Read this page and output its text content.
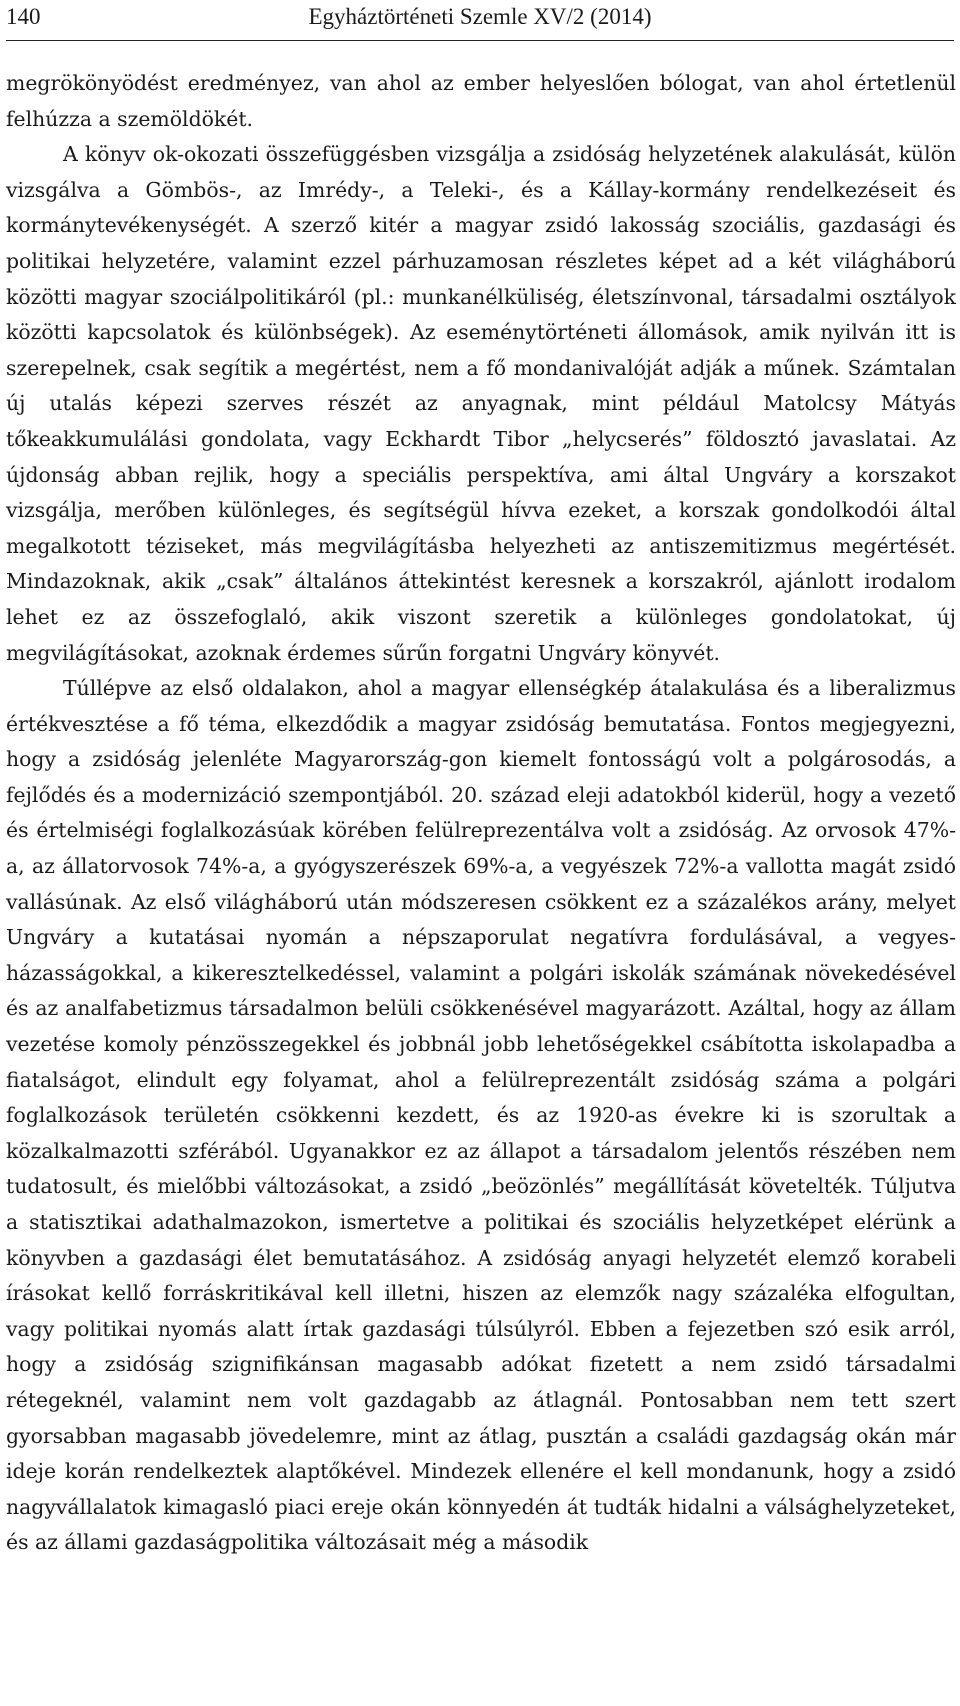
140	Egyháztörténeti Szemle XV/2 (2014)

megrökönyödést eredményez, van ahol az ember helyeslően bólogat, van ahol értetlenül felhúzza a szemöldökét.

A könyv ok-okozati összefüggésben vizsgálja a zsidóság helyzetének alakulását, külön vizsgálva a Gömbös-, az Imrédy-, a Teleki-, és a Kállay-kormány rendelkezéseit és kormánytevékenységét. A szerző kitér a magyar zsidó lakosság szociális, gazdasági és politikai helyzetére, valamint ezzel párhuzamosan részletes képet ad a két világháború közötti magyar szociálpolitikáról (pl.: munkanélküliség, életszínvonal, társadalmi osztályok közötti kapcsolatok és különbségek). Az eseménytörténeti állomások, amik nyilván itt is szerepelnek, csak segítik a megértést, nem a fő mondanivalóját adják a műnek. Számtalan új utalás képezi szerves részét az anyagnak, mint például Matolcsy Mátyás tőkeakkumulálási gondolata, vagy Eckhardt Tibor „helycserés” földosztó javaslatai. Az újdonság abban rejlik, hogy a speciális perspektíva, ami által Ungváry a korszakot vizsgálja, merőben különleges, és segítségül hívva ezeket, a korszak gondolkodói által megalkotott téziseket, más megvilágításba helyezheti az antiszemitizmus megértését. Mindazoknak, akik „csak” általános áttekintést keresnek a korszakról, ajánlott irodalom lehet ez az összefoglaló, akik viszont szeretik a különleges gondolatokat, új megvilágításokat, azoknak érdemes sűrűn forgatni Ungváry könyvét.

Túllépve az első oldalakon, ahol a magyar ellenségkép átalakulása és a liberalizmus értékvesztése a fő téma, elkezdődik a magyar zsidóság bemutatása. Fontos megjegyezni, hogy a zsidóság jelenléte Magyarország-gon kiemelt fontosságú volt a polgárosodás, a fejlődés és a modernizáció szempontjából. 20. század eleji adatokból kiderül, hogy a vezető és értelmiségi foglalkozásúak körében felülreprezentálva volt a zsidóság. Az orvosok 47%-a, az állatorvosok 74%-a, a gyógyszerészek 69%-a, a vegyészek 72%-a vallotta magát zsidó vallásúnak. Az első világháború után módszeresen csökkent ez a százalékos arány, melyet Ungváry a kutatásai nyomán a népszaporulat negatívra fordulásával, a vegyes-házasságokkal, a kikeresztelkedéssel, valamint a polgári iskolák számának növekedésével és az analfabetizmus társadalmon belüli csökkenésével magyarázott. Azáltal, hogy az állam vezetése komoly pénzösszegekkel és jobbnál jobb lehetőségekkel csábította iskolapadba a fiatalságot, elindult egy folyamat, ahol a felülreprezentált zsidóság száma a polgári foglalkozások területén csökkenni kezdett, és az 1920-as évekre ki is szorultak a közalkalmazotti szférából. Ugyanakkor ez az állapot a társadalom jelentős részében nem tudatosult, és mielőbbi változásokat, a zsidó „beözönlés” megállítását követelték. Túljutva a statisztikai adathalmazokon, ismertetve a politikai és szociális helyzetképet elérünk a könyvben a gazdasági élet bemutatásához. A zsidóság anyagi helyzetét elemző korabeli írásokat kellő forráskritikával kell illetni, hiszen az elemzők nagy százaléka elfogultan, vagy politikai nyomás alatt írtak gazdasági túlsúlyról. Ebben a fejezetben szó esik arról, hogy a zsidóság szignifikánsan magasabb adókat fizetett a nem zsidó társadalmi rétegeknél, valamint nem volt gazdagabb az átlagnál. Pontosabban nem tett szert gyorsabban magasabb jövedelemre, mint az átlag, pusztán a családi gazdagság okán már ideje korán rendelkeztek alaptőkével. Mindezek ellenére el kell mondanunk, hogy a zsidó nagyvállalatok kimagasló piaci ereje okán könnyedén át tudták hidalni a válsághelyzeteket, és az állami gazdaságpolitika változásait még a második
